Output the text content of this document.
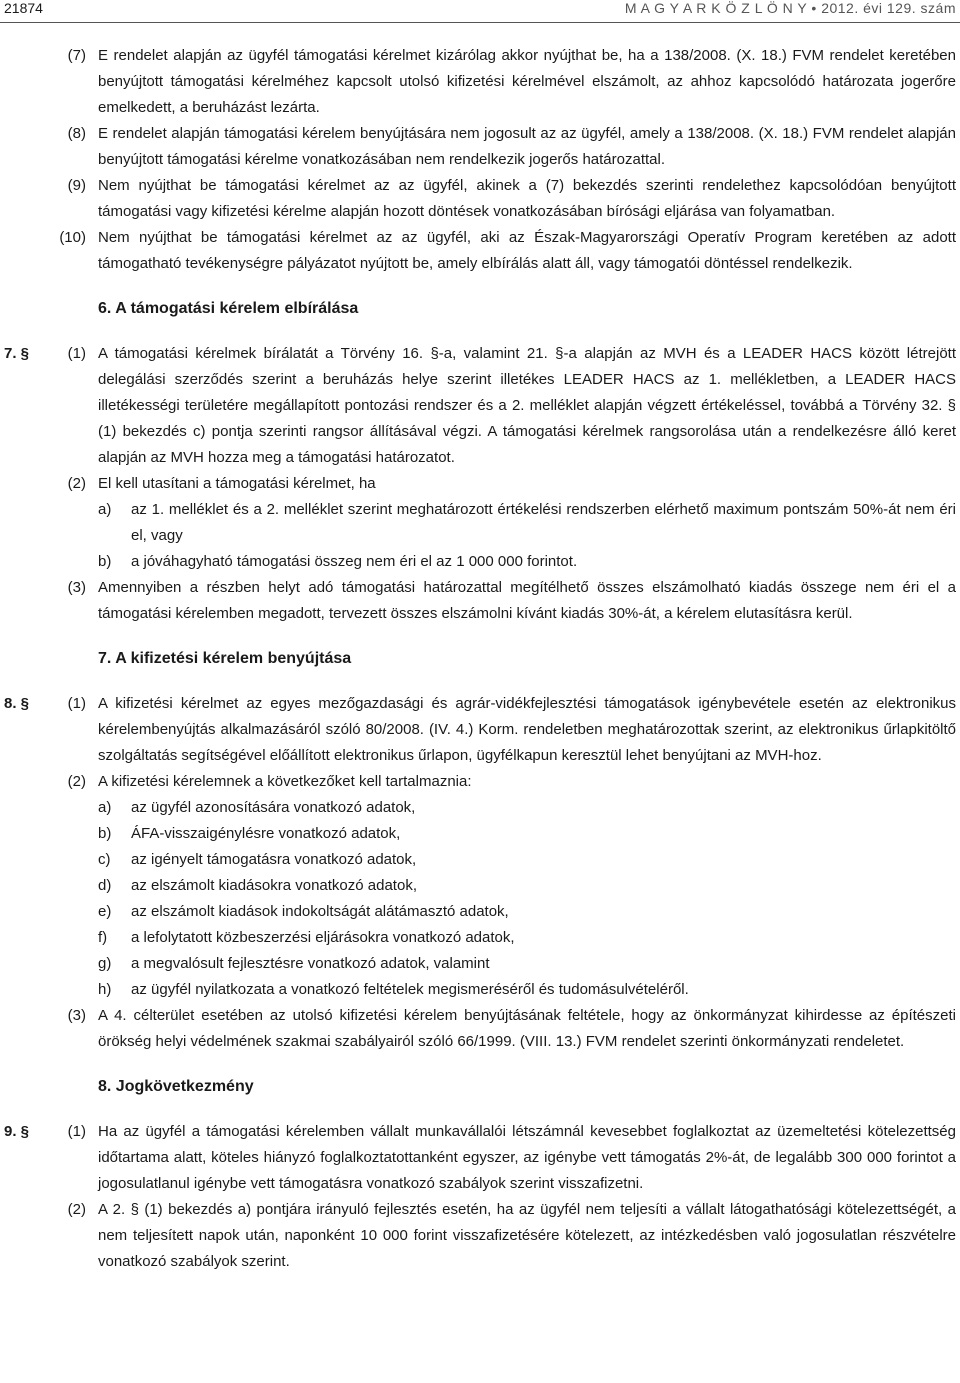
21874	M A G Y A R K Ö Z L Ö N Y • 2012. évi 129. szám
(7) E rendelet alapján az ügyfél támogatási kérelmet kizárólag akkor nyújthat be, ha a 138/2008. (X. 18.) FVM rendelet keretében benyújtott támogatási kérelméhez kapcsolt utolsó kifizetési kérelmével elszámolt, az ahhoz kapcsolódó határozata jogerőre emelkedett, a beruházást lezárta.
(8) E rendelet alapján támogatási kérelem benyújtására nem jogosult az az ügyfél, amely a 138/2008. (X. 18.) FVM rendelet alapján benyújtott támogatási kérelme vonatkozásában nem rendelkezik jogerős határozattal.
(9) Nem nyújthat be támogatási kérelmet az az ügyfél, akinek a (7) bekezdés szerinti rendelethez kapcsolódóan benyújtott támogatási vagy kifizetési kérelme alapján hozott döntések vonatkozásában bírósági eljárása van folyamatban.
(10) Nem nyújthat be támogatási kérelmet az az ügyfél, aki az Észak-Magyarországi Operatív Program keretében az adott támogatható tevékenységre pályázatot nyújtott be, amely elbírálás alatt áll, vagy támogatói döntéssel rendelkezik.
6. A támogatási kérelem elbírálása
7. §	(1) A támogatási kérelmek bírálatát a Törvény 16. §-a, valamint 21. §-a alapján az MVH és a LEADER HACS között létrejött delegálási szerződés szerint a beruházás helye szerint illetékes LEADER HACS az 1. mellékletben, a LEADER HACS illetékességi területére megállapított pontozási rendszer és a 2. melléklet alapján végzett értékeléssel, továbbá a Törvény 32. § (1) bekezdés c) pontja szerinti rangsor állításával végzi. A támogatási kérelmek rangsorolása után a rendelkezésre álló keret alapján az MVH hozza meg a támogatási határozatot.
(2) El kell utasítani a támogatási kérelmet, ha
a) az 1. melléklet és a 2. melléklet szerint meghatározott értékelési rendszerben elérhető maximum pontszám 50%-át nem éri el, vagy
b) a jóváhagyható támogatási összeg nem éri el az 1 000 000 forintot.
(3) Amennyiben a részben helyt adó támogatási határozattal megítélhető összes elszámolható kiadás összege nem éri el a támogatási kérelemben megadott, tervezett összes elszámolni kívánt kiadás 30%-át, a kérelem elutasításra kerül.
7. A kifizetési kérelem benyújtása
8. §	(1) A kifizetési kérelmet az egyes mezőgazdasági és agrár-vidékfejlesztési támogatások igénybevétele esetén az elektronikus kérelembenyújtás alkalmazásáról szóló 80/2008. (IV. 4.) Korm. rendeletben meghatározottak szerint, az elektronikus űrlapkitöltő szolgáltatás segítségével előállított elektronikus űrlapon, ügyfélkapun keresztül lehet benyújtani az MVH-hoz.
(2) A kifizetési kérelemnek a következőket kell tartalmaznia:
a) az ügyfél azonosítására vonatkozó adatok,
b) ÁFA-visszaigénylésre vonatkozó adatok,
c) az igényelt támogatásra vonatkozó adatok,
d) az elszámolt kiadásokra vonatkozó adatok,
e) az elszámolt kiadások indokoltságát alátámasztó adatok,
f) a lefolytatott közbeszerzési eljárásokra vonatkozó adatok,
g) a megvalósult fejlesztésre vonatkozó adatok, valamint
h) az ügyfél nyilatkozata a vonatkozó feltételek megismeréséről és tudomásulvételéről.
(3) A 4. célterület esetében az utolsó kifizetési kérelem benyújtásának feltétele, hogy az önkormányzat kihirdesse az építészeti örökség helyi védelmének szakmai szabályairól szóló 66/1999. (VIII. 13.) FVM rendelet szerinti önkormányzati rendeletet.
8. Jogkövetkezmény
9. §	(1) Ha az ügyfél a támogatási kérelemben vállalt munkavállalói létszámnál kevesebbet foglalkoztat az üzemeltetési kötelezettség időtartama alatt, köteles hiányzó foglalkoztatottanként egyszer, az igénybe vett támogatás 2%-át, de legalább 300 000 forintot a jogosulatlanul igénybe vett támogatásra vonatkozó szabályok szerint visszafizetni.
(2) A 2. § (1) bekezdés a) pontjára irányuló fejlesztés esetén, ha az ügyfél nem teljesíti a vállalt látogathatósági kötelezettségét, a nem teljesített napok után, naponként 10 000 forint visszafizetésére kötelezett, az intézkedésben való jogosulatlan részvételre vonatkozó szabályok szerint.
